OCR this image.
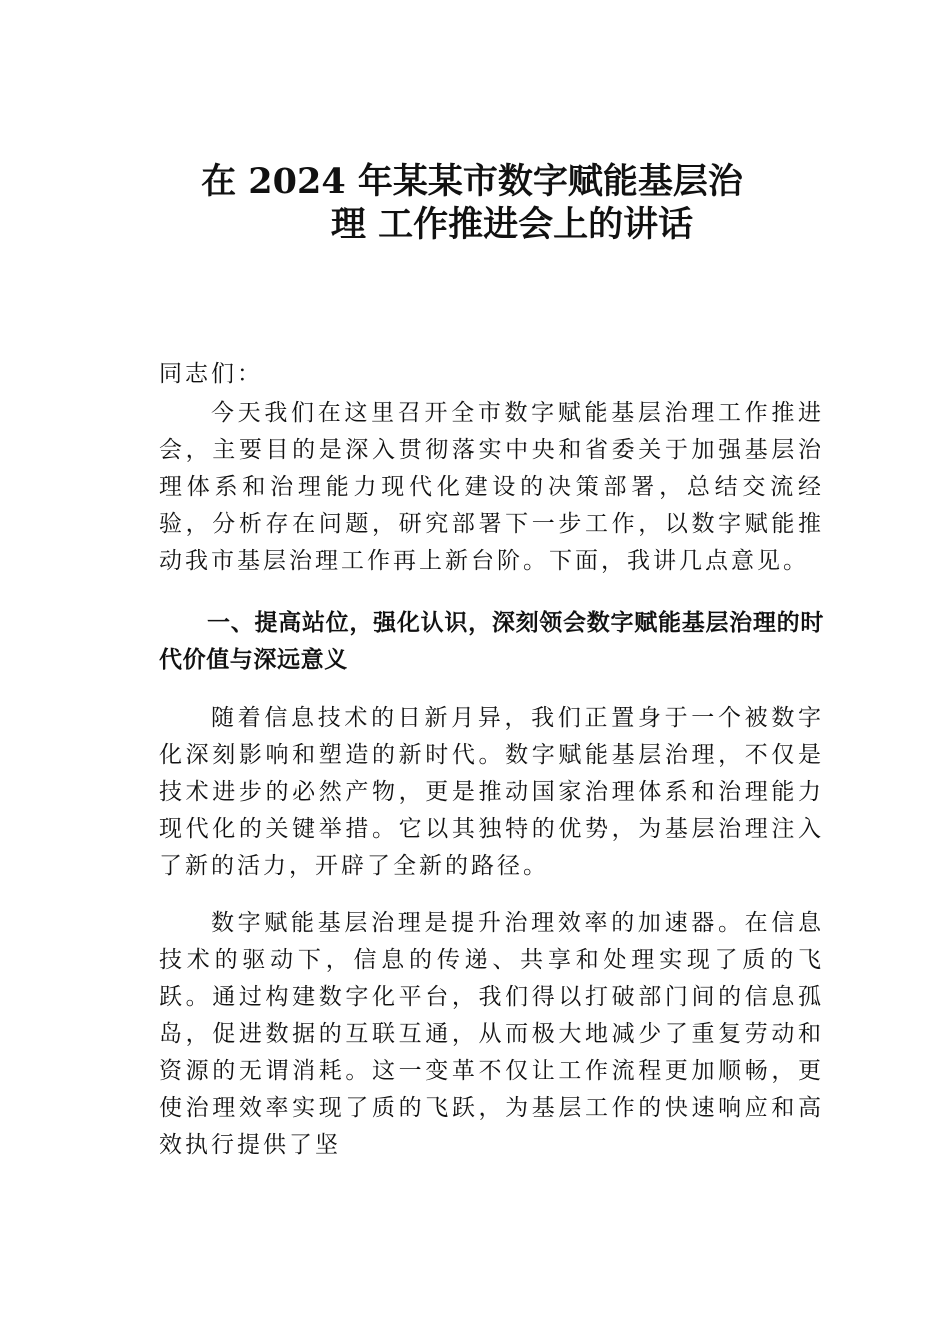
在 2024 年某某市数字赋能基层治
理 工作推进会上的讲话
同志们：
今天我们在这里召开全市数字赋能基层治理工作推进会，主要目的是深入贯彻落实中央和省委关于加强基层治理体系和治理能力现代化建设的决策部署，总结交流经验，分析存在问题，研究部署下一步工作，以数字赋能推动我市基层治理工作再上新台阶。下面，我讲几点意见。
一、提高站位，强化认识，深刻领会数字赋能基层治理的时代价值与深远意义
随着信息技术的日新月异，我们正置身于一个被数字化深刻影响和塑造的新时代。数字赋能基层治理，不仅是技术进步的必然产物，更是推动国家治理体系和治理能力现代化的关键举措。它以其独特的优势，为基层治理注入了新的活力，开辟了全新的路径。
数字赋能基层治理是提升治理效率的加速器。在信息技术的驱动下，信息的传递、共享和处理实现了质的飞跃。通过构建数字化平台，我们得以打破部门间的信息孤岛，促进数据的互联互通，从而极大地减少了重复劳动和资源的无谓消耗。这一变革不仅让工作流程更加顺畅，更使治理效率实现了质的飞跃，为基层工作的快速响应和高效执行提供了坚
